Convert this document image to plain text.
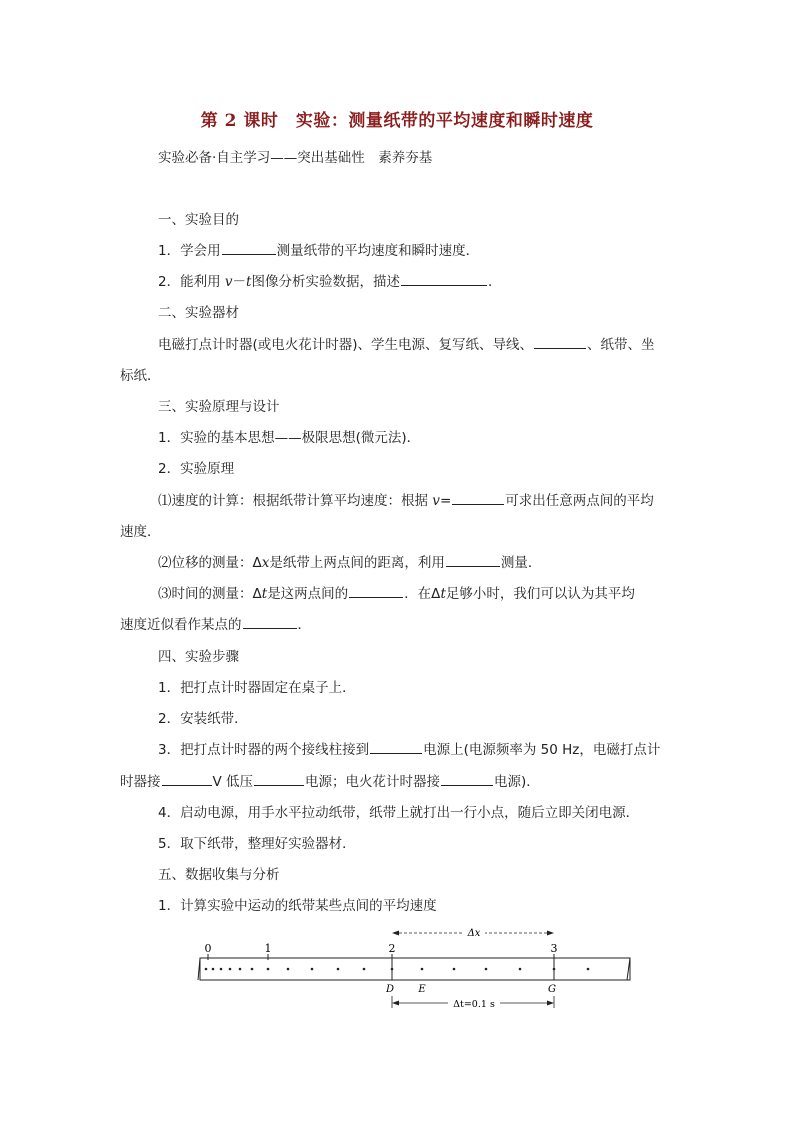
第 2 课时　实验：测量纸带的平均速度和瞬时速度
实验必备·自主学习——突出基础性　素养夯基
一、实验目的
1．学会用	测量纸带的平均速度和瞬时速度．
2．能利用 v－t图像分析实验数据，描述	．
二、实验器材
电磁打点计时器(或电火花计时器)、学生电源、复写纸、导线、	、纸带、坐
标纸．
三、实验原理与设计
1．实验的基本思想——极限思想(微元法)．
2．实验原理
⑴速度的计算：根据纸带计算平均速度：根据 v=	可求出任意两点间的平均
速度．
⑵位移的测量：Δx是纸带上两点间的距离，利用	测量．
⑶时间的测量：Δt是这两点间的	．在Δt足够小时，我们可以认为其平均
速度近似看作某点的	．
四、实验步骤
1．把打点计时器固定在桌子上．
2．安装纸带．
3．把打点计时器的两个接线柱接到	电源上(电源频率为 50 Hz，电磁打点计
时器接	V 低压	电源；电火花计时器接	电源)．
4．启动电源，用手水平拉动纸带，纸带上就打出一行小点，随后立即关闭电源．
5．取下纸带，整理好实验器材．
五、数据收集与分析
1．计算实验中运动的纸带某些点间的平均速度
0	1	2	3
Δx
D E	G
Δt=0.1 s
